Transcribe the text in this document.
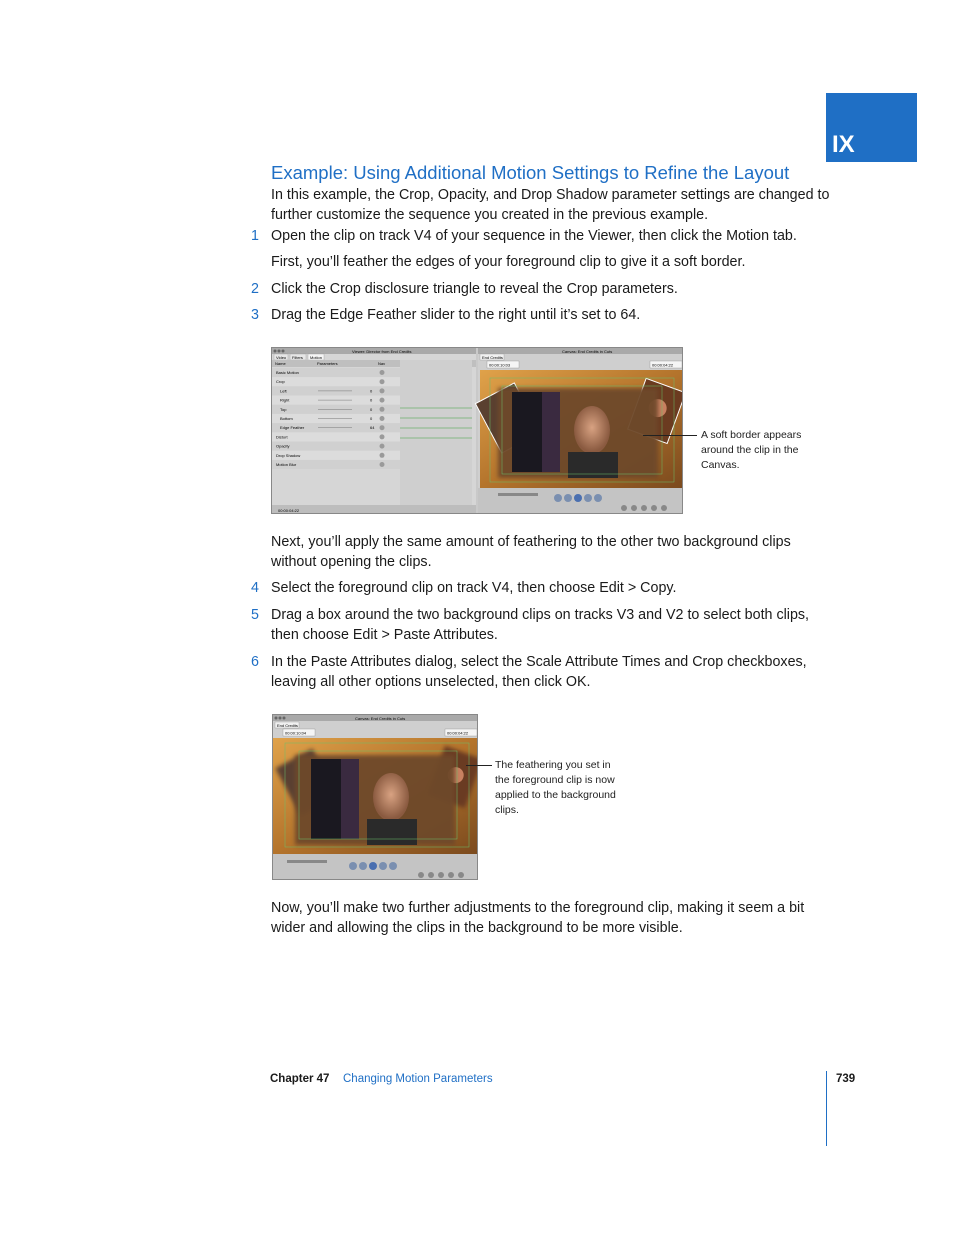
IX
Example: Using Additional Motion Settings to Refine the Layout
In this example, the Crop, Opacity, and Drop Shadow parameter settings are changed to further customize the sequence you created in the previous example.
1 Open the clip on track V4 of your sequence in the Viewer, then click the Motion tab.
First, you’ll feather the edges of your foreground clip to give it a soft border.
2 Click the Crop disclosure triangle to reveal the Crop parameters.
3 Drag the Edge Feather slider to the right until it’s set to 64.
Viewer: Director from End Credits
Video Filters Motion
Name	Parameters	Nav
Basic Motion
Crop
Left	0
Right	0
Top	0
Bottom	0
Edge Feather	64
Distort
Opacity
Drop Shadow
Motion Blur
00:00:04:22
Canvas: End Credits in Cuts
End Credits
00:00:10:03	00:00:04:22
A soft border appears around the clip in the Canvas.
Next, you’ll apply the same amount of feathering to the other two background clips without opening the clips.
4 Select the foreground clip on track V4, then choose Edit > Copy.
5 Drag a box around the two background clips on tracks V3 and V2 to select both clips, then choose Edit > Paste Attributes.
6 In the Paste Attributes dialog, select the Scale Attribute Times and Crop checkboxes, leaving all other options unselected, then click OK.
Canvas: End Credits in Cuts
End Credits
00:00:10:04	00:00:04:22
The feathering you set in the foreground clip is now applied to the background clips.
Now, you’ll make two further adjustments to the foreground clip, making it seem a bit wider and allowing the clips in the background to be more visible.
Chapter 47 Changing Motion Parameters	739
